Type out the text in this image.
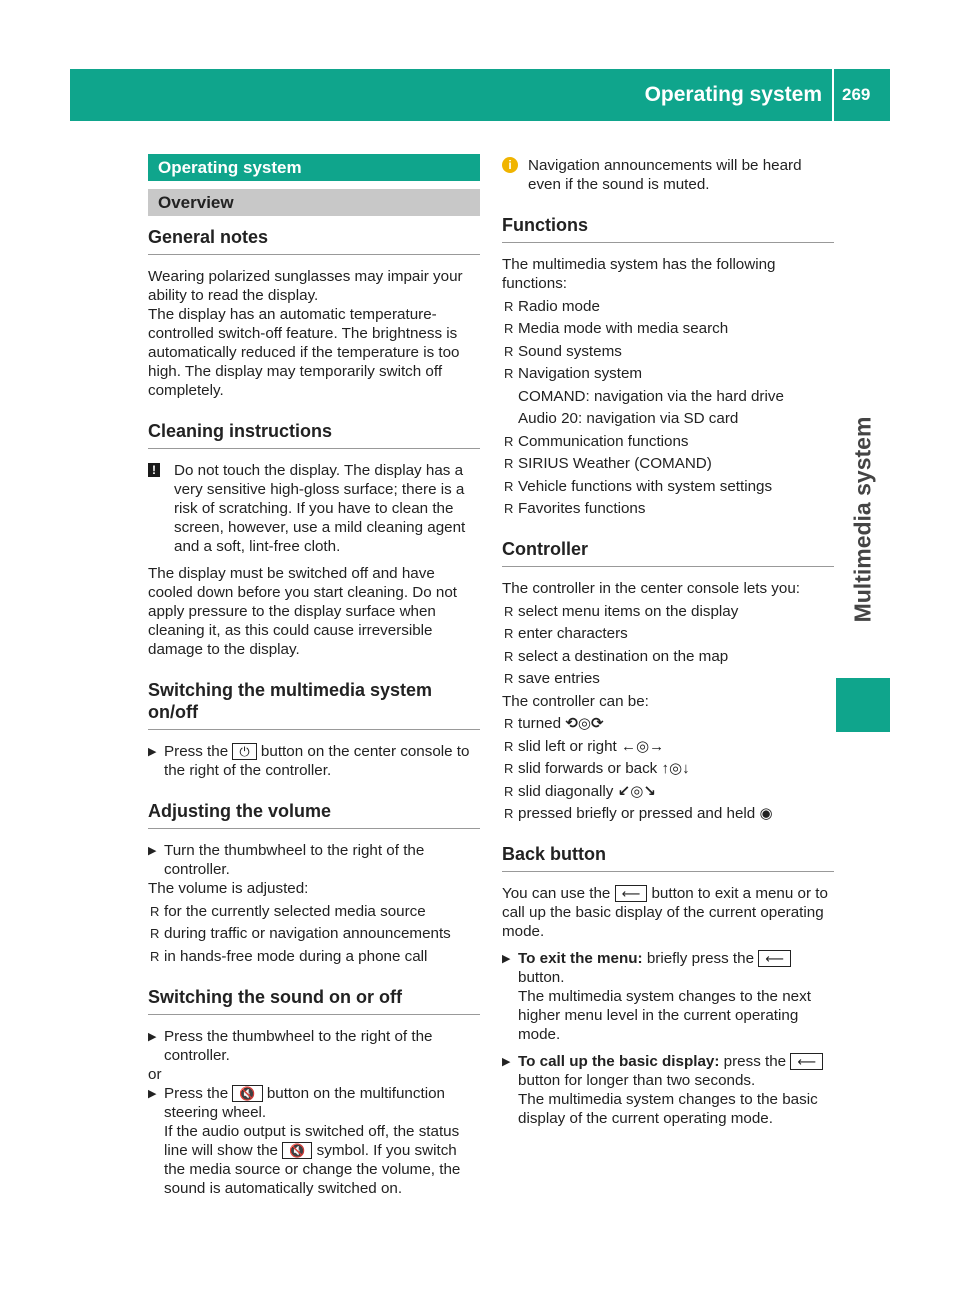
Operating system	269
Multimedia system
Operating system
Overview
General notes

Wearing polarized sunglasses may impair your ability to read the display.

The display has an automatic temperature-controlled switch-off feature. The brightness is automatically reduced if the temperature is too high. The display may temporarily switch off completely.

Cleaning instructions
! Do not touch the display. The display has a very sensitive high-gloss surface; there is a risk of scratching. If you have to clean the screen, however, use a mild cleaning agent and a soft, lint-free cloth.

The display must be switched off and have cooled down before you start cleaning. Do not apply pressure to the display surface when cleaning it, as this could cause irreversible damage to the display.

Switching the multimedia system on/off
▶ Press the ⏻ button on the center console to the right of the controller.
Adjusting the volume
▶ Turn the thumbwheel to the right of the controller.

The volume is adjusted:

R for the currently selected media source
R during traffic or navigation announcements
R in hands-free mode during a phone call
Switching the sound on or off
▶ Press the thumbwheel to the right of the controller.

or

▶ Press the 🔇 button on the multifunction steering wheel.
If the audio output is switched off, the status line will show the 🔇 symbol. If you switch the media source or change the volume, the sound is automatically switched on.
i	Navigation announcements will be heard even if the sound is muted.
Functions

The multimedia system has the following functions:

R Radio mode
R Media mode with media search
R Sound systems
R Navigation system

COMAND: navigation via the hard drive

Audio 20: navigation via SD card

R Communication functions
R SIRIUS Weather (COMAND)
R Vehicle functions with system settings
R Favorites functions
Controller

The controller in the center console lets you:

R select menu items on the display
R enter characters
R select a destination on the map
R save entries

The controller can be:

R turned ⟲◎⟳
R slid left or right ←◎→
R slid forwards or back ↑◎↓
R slid diagonally ↙◎↘
R pressed briefly or pressed and held ◉
Back button

You can use the ⟵ button to exit a menu or to call up the basic display of the current operating mode.

▶ To exit the menu: briefly press the ⟵
button.
The multimedia system changes to the next higher menu level in the current operating mode.
▶ To call up the basic display: press the ⟵
button for longer than two seconds.
The multimedia system changes to the basic display of the current operating mode.
